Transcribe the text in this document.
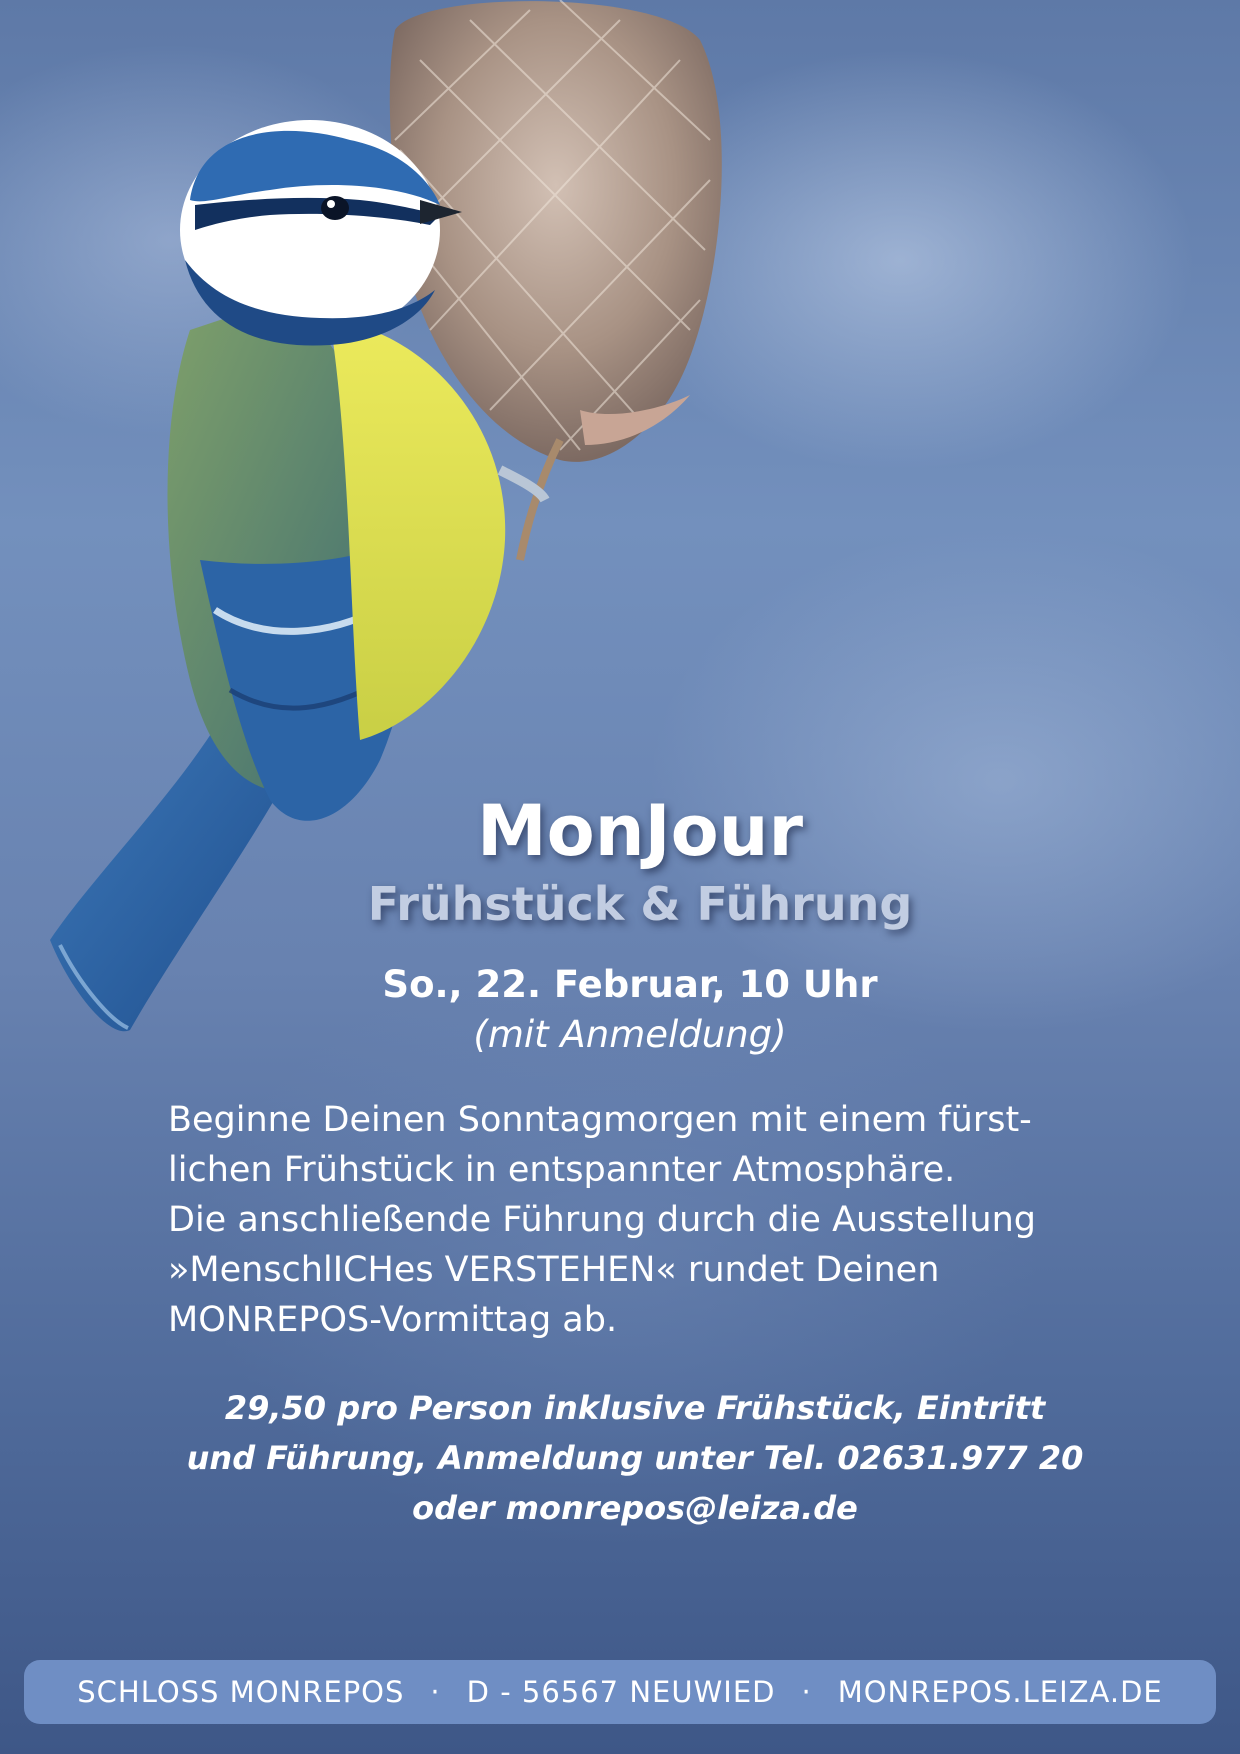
MonJour
Frühstück & Führung
So., 22. Februar, 10 Uhr
(mit Anmeldung)
Beginne Deinen Sonntagmorgen mit einem fürst-
lichen Frühstück in entspannter Atmosphäre.
Die anschließende Führung durch die Ausstellung
»MenschlICHes VERSTEHEN« rundet Deinen
MONREPOS-Vormittag ab.
29,50 pro Person inklusive Frühstück, Eintritt
und Führung, Anmeldung unter Tel. 02631.977 20
oder monrepos@leiza.de
SCHLOSS MONREPOS · D - 56567 NEUWIED · MONREPOS.LEIZA.DE
